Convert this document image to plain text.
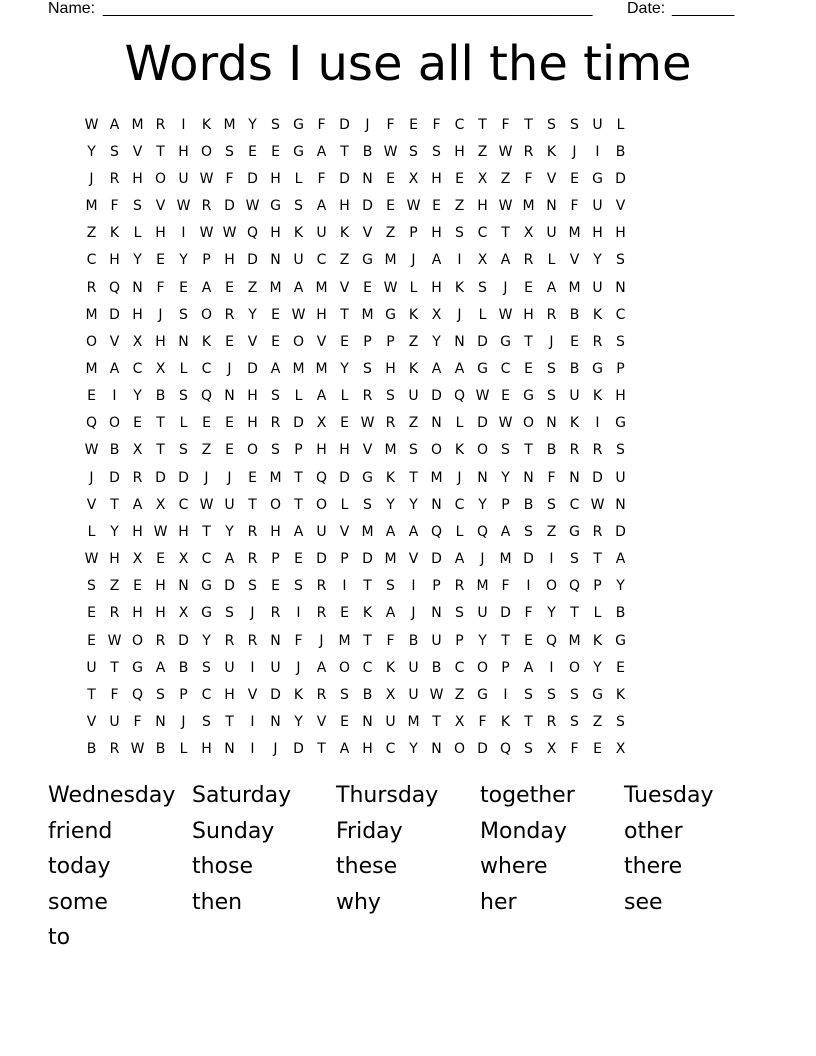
Name: _______________________________________________________ Date: _______
Words I use all the time
W A M R	I	K M Y	S G F D	J	F	E	F	C T	F	T	S	S U L
Y	S V T H O S	E	E G A T B W S	S H Z W R K	J	I	B
J	R H O U W F D H L	F D N E X H E X Z	F	V E G D
M F	S V W R D W G S A H D E W E Z H W M N F U V
Z K	L H	I	W W Q H K U K V Z P H S C T X U M H H
C H Y	E	Y	P H D N U C Z G M	J	A	I	X A R	L	V Y	S
R Q N F	E A E Z M A M V E W L H K S	J	E A M U N
M D H	J	S O R Y	E W H T M G K X	J	L W H R B K C
O V X H N K E V E O V E	P	P Z Y N D G T	J	E R S
M A C X	L	C	J	D A M M Y	S H K A A G C E	S B G P
E	I	Y B S Q N H S	L	A	L	R S U D Q W E G S U K H
Q O E	T	L	E	E H R D X E W R Z N L D W O N K	I	G
W B X T	S Z E O S	P H H V M S O K O S	T B R R S
J	D R D D	J	J	E M T Q D G K	T M	J	N Y N F N D U
V T A X C W U T O T O L	S	Y	Y N C Y	P B S C W N
L	Y H W H T	Y R H A U V M A A Q L Q A S Z G R D
W H X E X C A R P	E D P D M V D A	J	M D	I	S	T A
S Z E H N G D S	E	S R	I	T	S	I	P R M F	I	O Q P	Y
E R H H X G S	J	R	I	R E K A	J	N S U D F	Y	T	L	B
E W O R D Y R R N F	J	M T	F	B U P	Y	T	E Q M K G
U T G A B S U	I	U	J	A O C K U B C O P A	I	O Y	E
T	F Q S	P C H V D K R S B X U W Z G	I	S	S	S G K
V U F N	J	S	T	I	N Y V E N U M T X	F	K	T R S Z S
B R W B	L H N	I	J	D T A H C Y N O D Q S X	F	E X
Wednesday Saturday	Thursday	together	Tuesday
friend	Sunday	Friday	Monday	other
today	those	these	where	there
some	then	why	her	see
to
